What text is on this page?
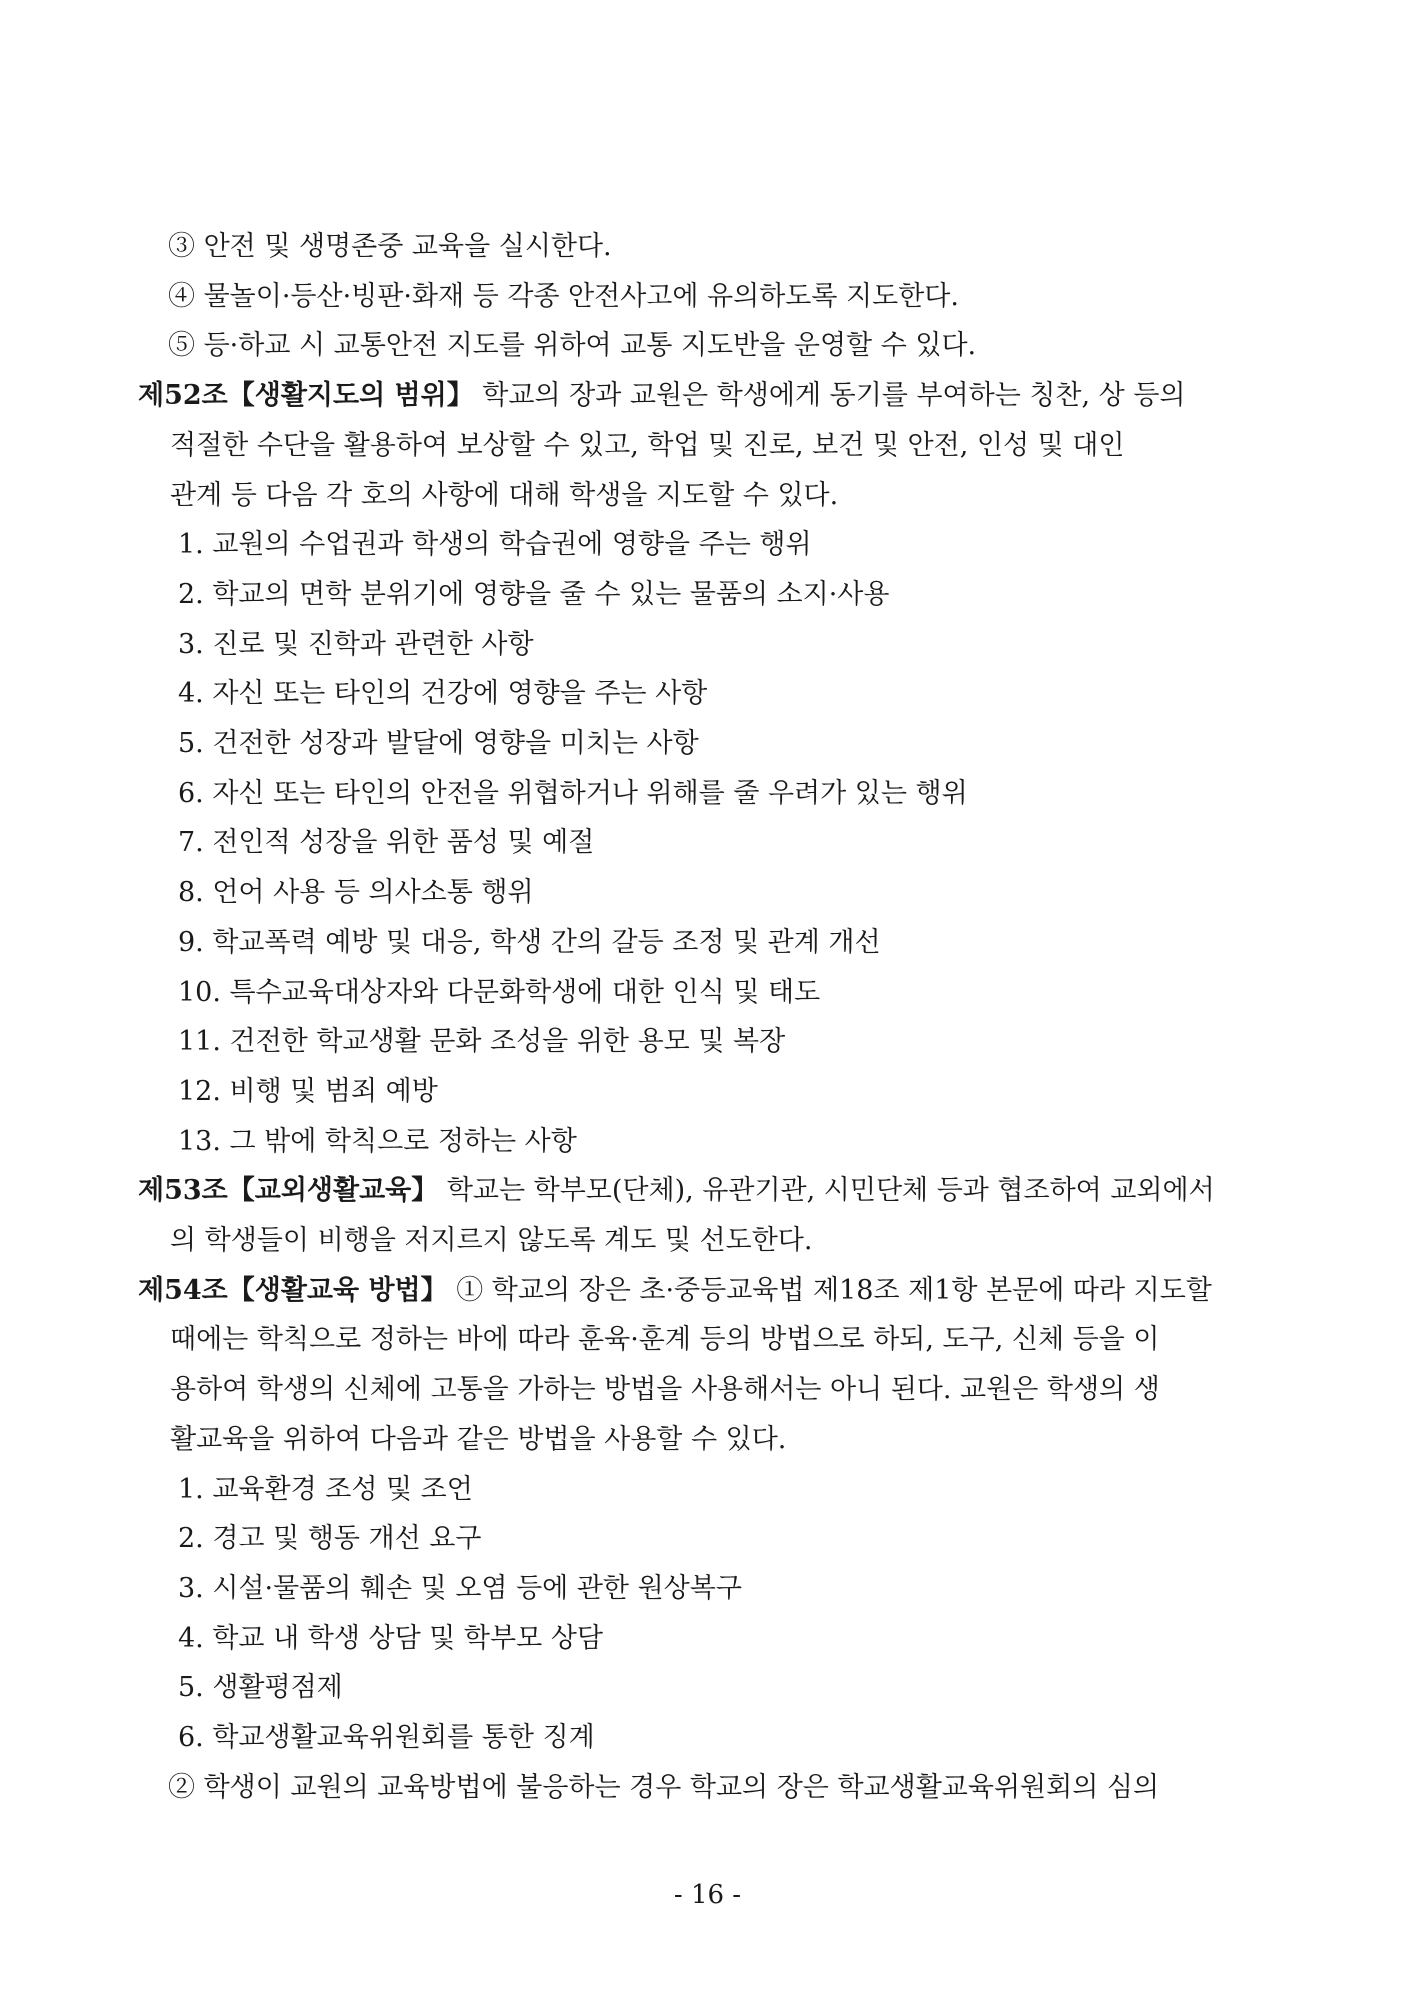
③ 안전 및 생명존중 교육을 실시한다.
④ 물놀이·등산·빙판·화재 등 각종 안전사고에 유의하도록 지도한다.
⑤ 등·하교 시 교통안전 지도를 위하여 교통 지도반을 운영할 수 있다.
제52조【생활지도의 범위】 학교의 장과 교원은 학생에게 동기를 부여하는 칭찬, 상 등의
적절한 수단을 활용하여 보상할 수 있고, 학업 및 진로, 보건 및 안전, 인성 및 대인
관계 등 다음 각 호의 사항에 대해 학생을 지도할 수 있다.
1. 교원의 수업권과 학생의 학습권에 영향을 주는 행위
2. 학교의 면학 분위기에 영향을 줄 수 있는 물품의 소지·사용
3. 진로 및 진학과 관련한 사항
4. 자신 또는 타인의 건강에 영향을 주는 사항
5. 건전한 성장과 발달에 영향을 미치는 사항
6. 자신 또는 타인의 안전을 위협하거나 위해를 줄 우려가 있는 행위
7. 전인적 성장을 위한 품성 및 예절
8. 언어 사용 등 의사소통 행위
9. 학교폭력 예방 및 대응, 학생 간의 갈등 조정 및 관계 개선
10. 특수교육대상자와 다문화학생에 대한 인식 및 태도
11. 건전한 학교생활 문화 조성을 위한 용모 및 복장
12. 비행 및 범죄 예방
13. 그 밖에 학칙으로 정하는 사항
제53조【교외생활교육】 학교는 학부모(단체), 유관기관, 시민단체 등과 협조하여 교외에서
의 학생들이 비행을 저지르지 않도록 계도 및 선도한다.
제54조【생활교육 방법】 ① 학교의 장은 초·중등교육법 제18조 제1항 본문에 따라 지도할
때에는 학칙으로 정하는 바에 따라 훈육·훈계 등의 방법으로 하되, 도구, 신체 등을 이
용하여 학생의 신체에 고통을 가하는 방법을 사용해서는 아니 된다. 교원은 학생의 생
활교육을 위하여 다음과 같은 방법을 사용할 수 있다.
1. 교육환경 조성 및 조언
2. 경고 및 행동 개선 요구
3. 시설·물품의 훼손 및 오염 등에 관한 원상복구
4. 학교 내 학생 상담 및 학부모 상담
5. 생활평점제
6. 학교생활교육위원회를 통한 징계
② 학생이 교원의 교육방법에 불응하는 경우 학교의 장은 학교생활교육위원회의 심의
- 16 -
